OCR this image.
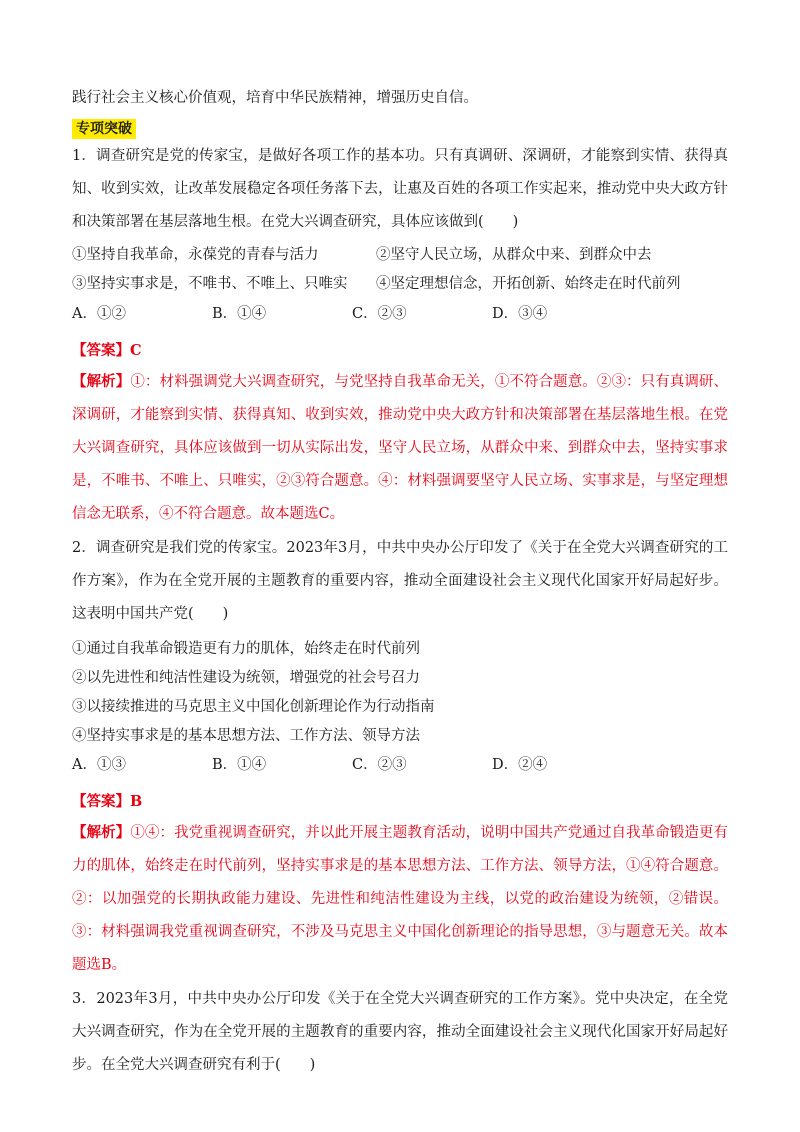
践行社会主义核心价值观，培育中华民族精神，增强历史自信。

专项突破

1．调查研究是党的传家宝，是做好各项工作的基本功。只有真调研、深调研，才能察到实情、获得真知、收到实效，让改革发展稳定各项任务落下去，让惠及百姓的各项工作实起来，推动党中央大政方针和决策部署在基层落地生根。在党大兴调查研究，具体应该做到(　　)

①坚持自我革命，永葆党的青春与活力	②坚守人民立场，从群众中来、到群众中去
③坚持实事求是，不唯书、不唯上、只唯实	④坚定理想信念，开拓创新、始终走在时代前列
A．①②	B．①④	C．②③	D．③④

【答案】C

【解析】①：材料强调党大兴调查研究，与党坚持自我革命无关，①不符合题意。②③：只有真调研、深调研，才能察到实情、获得真知、收到实效，推动党中央大政方针和决策部署在基层落地生根。在党大兴调查研究，具体应该做到一切从实际出发，坚守人民立场，从群众中来、到群众中去，坚持实事求是，不唯书、不唯上、只唯实，②③符合题意。④：材料强调要坚守人民立场、实事求是，与坚定理想信念无联系，④不符合题意。故本题选C。

2．调查研究是我们党的传家宝。2023年3月，中共中央办公厅印发了《关于在全党大兴调查研究的工作方案》，作为在全党开展的主题教育的重要内容，推动全面建设社会主义现代化国家开好局起好步。这表明中国共产党(　　)

①通过自我革命锻造更有力的肌体，始终走在时代前列

②以先进性和纯洁性建设为统领，增强党的社会号召力

③以接续推进的马克思主义中国化创新理论作为行动指南

④坚持实事求是的基本思想方法、工作方法、领导方法

A．①③	B．①④	C．②③	D．②④

【答案】B

【解析】①④：我党重视调查研究，并以此开展主题教育活动，说明中国共产党通过自我革命锻造更有力的肌体，始终走在时代前列，坚持实事求是的基本思想方法、工作方法、领导方法，①④符合题意。②：以加强党的长期执政能力建设、先进性和纯洁性建设为主线，以党的政治建设为统领，②错误。③：材料强调我党重视调查研究，不涉及马克思主义中国化创新理论的指导思想，③与题意无关。故本题选B。

3．2023年3月，中共中央办公厅印发《关于在全党大兴调查研究的工作方案》。党中央决定，在全党大兴调查研究，作为在全党开展的主题教育的重要内容，推动全面建设社会主义现代化国家开好局起好步。在全党大兴调查研究有利于(　　)
